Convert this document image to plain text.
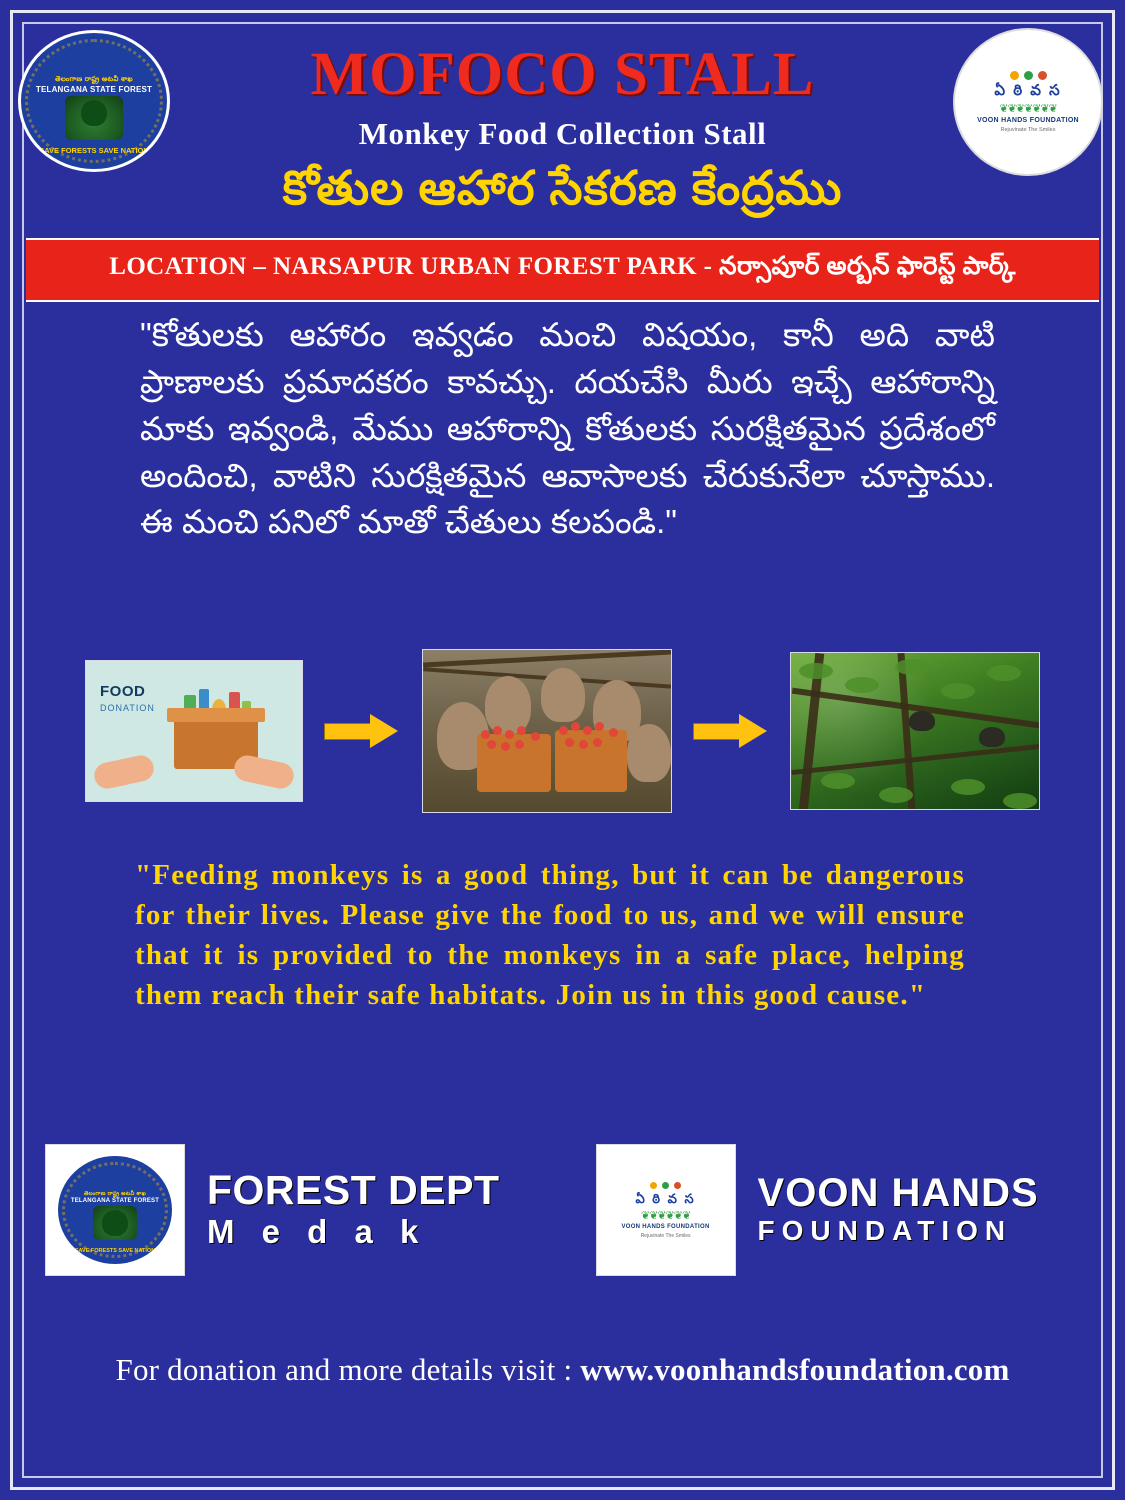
MOFOCO STALL
Monkey Food Collection Stall
కోతుల ఆహార సేకరణ కేంద్రము
తెలంగాణ రాష్ట్ర అటవీ శాఖ
TELANGANA STATE FOREST
SAVE FORESTS SAVE NATION
ఏ ఠి వ స
❦❦❦❦❦❦❦
VOON HANDS FOUNDATION
Rejuvinate The Smiles
LOCATION – NARSAPUR URBAN FOREST PARK - నర్సాపూర్ అర్బన్ ఫారెస్ట్ పార్క్
"కోతులకు ఆహారం ఇవ్వడం మంచి విషయం, కానీ అది వాటి ప్రాణాలకు ప్రమాదకరం కావచ్చు. దయచేసి మీరు ఇచ్చే ఆహారాన్ని మాకు ఇవ్వండి, మేము ఆహారాన్ని కోతులకు సురక్షితమైన ప్రదేశంలో అందించి, వాటిని సురక్షితమైన ఆవాసాలకు చేరుకునేలా చూస్తాము. ఈ మంచి పనిలో మాతో చేతులు కలపండి."
FOOD
DONATION
"Feeding monkeys is a good thing, but it can be dangerous for their lives. Please give the food to us, and we will ensure that it is provided to the monkeys in a safe place, helping them reach their safe habitats. Join us in this good cause."
తెలంగాణ రాష్ట్ర అటవీ శాఖ
TELANGANA STATE FOREST
SAVE FORESTS SAVE NATION
FOREST DEPT
M e d a k
ఏ ఠి వ స
❦❦❦❦❦❦
VOON HANDS FOUNDATION
Rejuvinate The Smiles
VOON HANDS
FOUNDATION
For donation and more details visit : www.voonhandsfoundation.com
